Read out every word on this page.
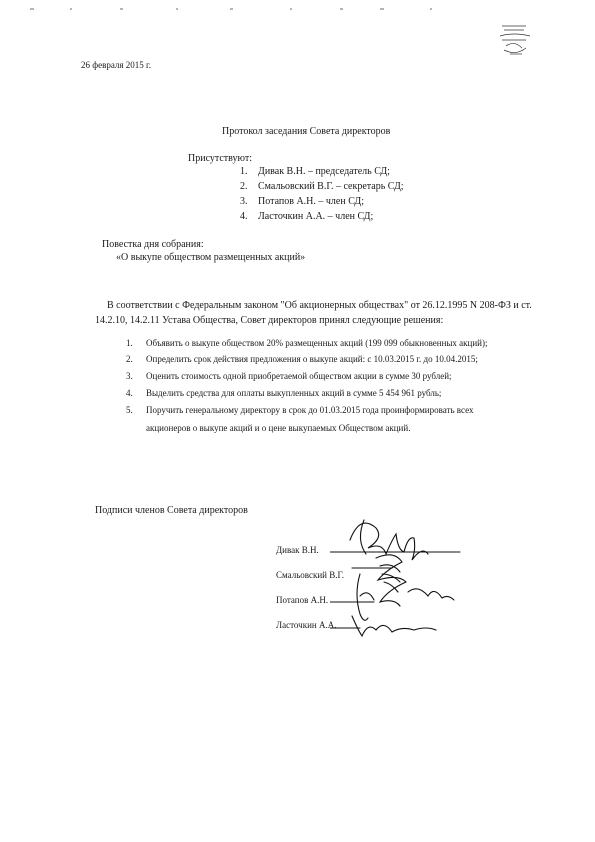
26 февраля 2015 г.
Протокол заседания Совета директоров
Присутствуют:
1. Дивак В.Н. – председатель СД;
2. Смальовский В.Г. – секретарь СД;
3. Потапов А.Н. – член СД;
4. Ласточкин А.А. – член СД;
Повестка дня собрания:
«О выкупе обществом размещенных акций»
В соответствии с Федеральным законом "Об акционерных обществах" от 26.12.1995 N 208-ФЗ и ст. 14.2.10, 14.2.11 Устава Общества, Совет директоров принял следующие решения:
1. Объявить о выкупе обществом 20% размещенных акций (199 099 обыкновенных акций);
2. Определить срок действия предложения о выкупе акций: с 10.03.2015 г. до 10.04.2015;
3. Оценить стоимость одной приобретаемой обществом акции в сумме 30 рублей;
4. Выделить средства для оплаты выкупленных акций в сумме 5 454 961 рубль;
5. Поручить генеральному директору в срок до 01.03.2015 года проинформировать всех
акционеров о выкупе акций и о цене выкупаемых Обществом акций.
Подписи членов Совета директоров
Дивак В.Н.
Смальовский В.Г.
Потапов А.Н.
Ласточкин А.А.
